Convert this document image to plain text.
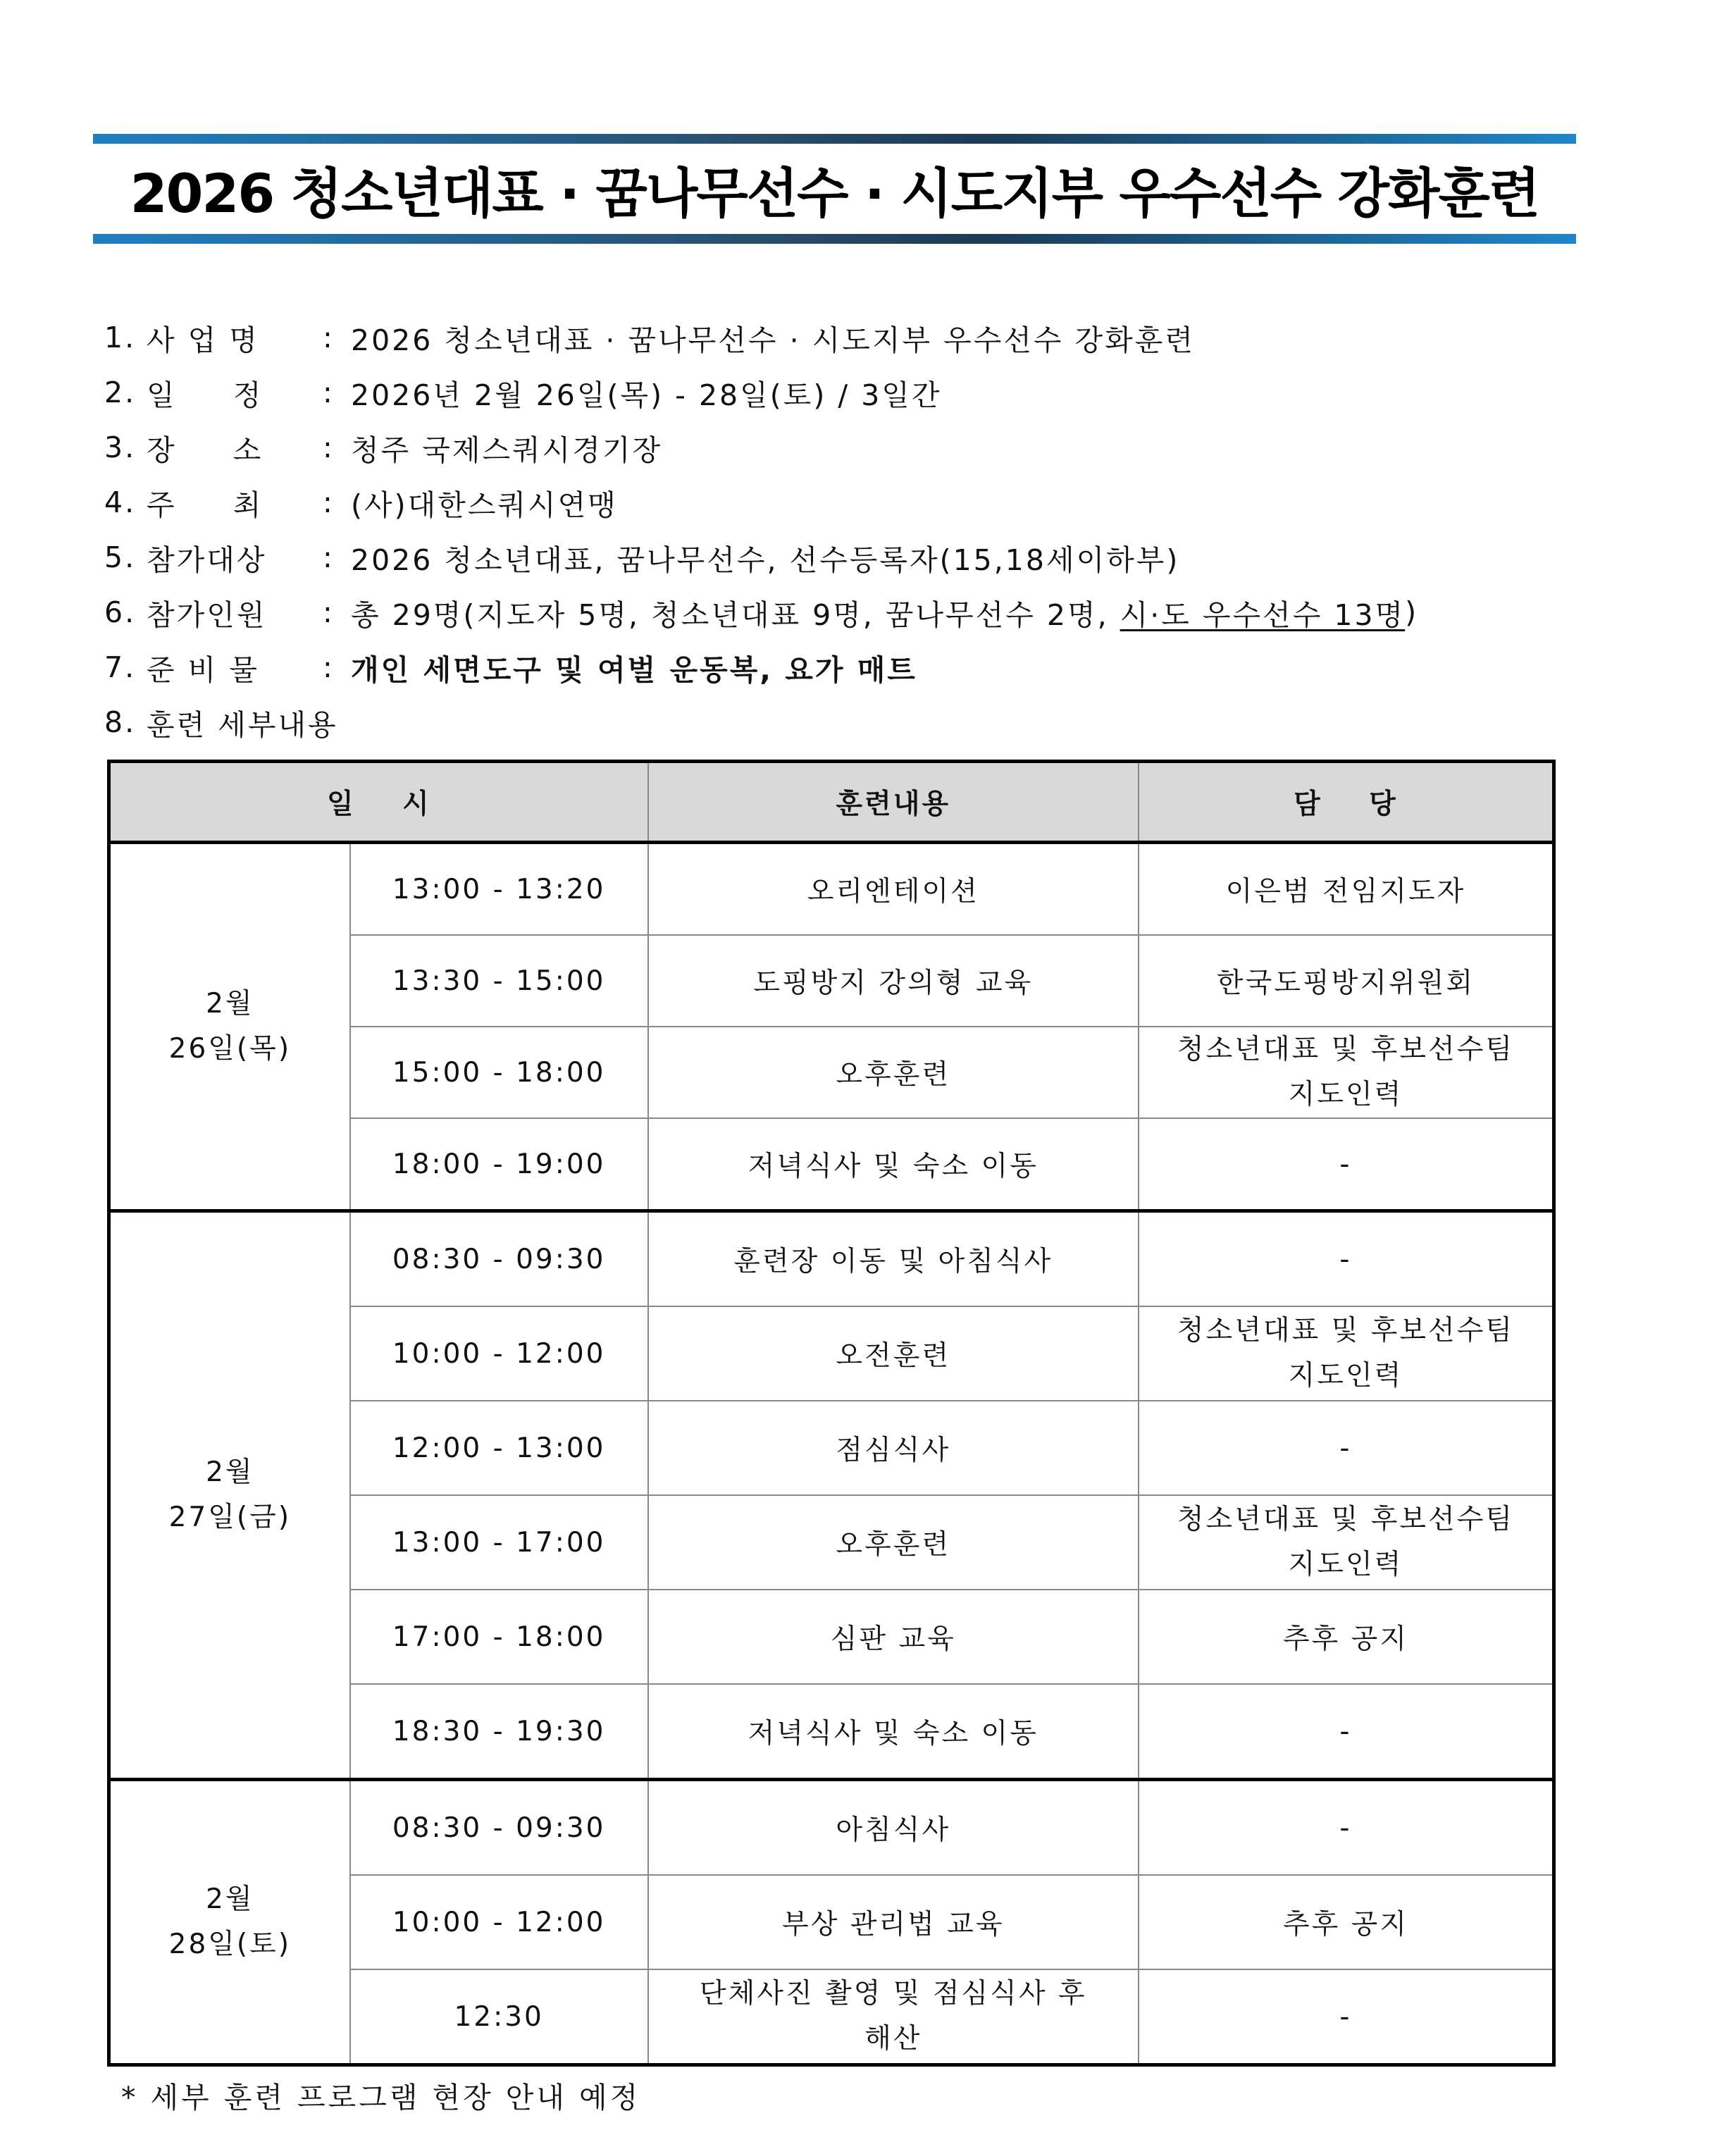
2026 청소년대표 · 꿈나무선수 · 시도지부 우수선수 강화훈련
1. 사 업 명	: 2026 청소년대표 · 꿈나무선수 · 시도지부 우수선수 강화훈련
2. 일     정	: 2026년 2월 26일(목) - 28일(토) / 3일간
3. 장     소	: 청주 국제스쿼시경기장
4. 주     최	: (사)대한스쿼시연맹
5. 참가대상	: 2026 청소년대표, 꿈나무선수, 선수등록자(15,18세이하부)
6. 참가인원	: 총 29명(지도자 5명, 청소년대표 9명, 꿈나무선수 2명, 시·도 우수선수 13명 )
7. 준 비 물	: 개인 세면도구 및 여벌 운동복, 요가 매트
8. 훈련 세부내용
일    시		훈련내용	담    당

2월
26일(목)	13:00 - 13:20	오리엔테이션	이은범 전임지도자
	13:30 - 15:00	도핑방지 강의형 교육	한국도핑방지위원회
	15:00 - 18:00	오후훈련	청소년대표 및 후보선수팀 지도인력

	18:00 - 19:00	저녁식사 및 숙소 이동	-

2월
27일(금)	08:30 - 09:30	훈련장 이동 및 아침식사	-
	10:00 - 12:00	오전훈련	청소년대표 및 후보선수팀 지도인력

	12:00 - 13:00	점심식사	-
	13:00 - 17:00	오후훈련	청소년대표 및 후보선수팀 지도인력

	17:00 - 18:00	심판 교육	추후 공지
	18:30 - 19:30	저녁식사 및 숙소 이동	-

2월
28일(토)	08:30 - 09:30	아침식사	-
	10:00 - 12:00	부상 관리법 교육	추후 공지
	12:30	단체사진 촬영 및 점심식사 후 해산	-
* 세부 훈련 프로그램 현장 안내 예정
